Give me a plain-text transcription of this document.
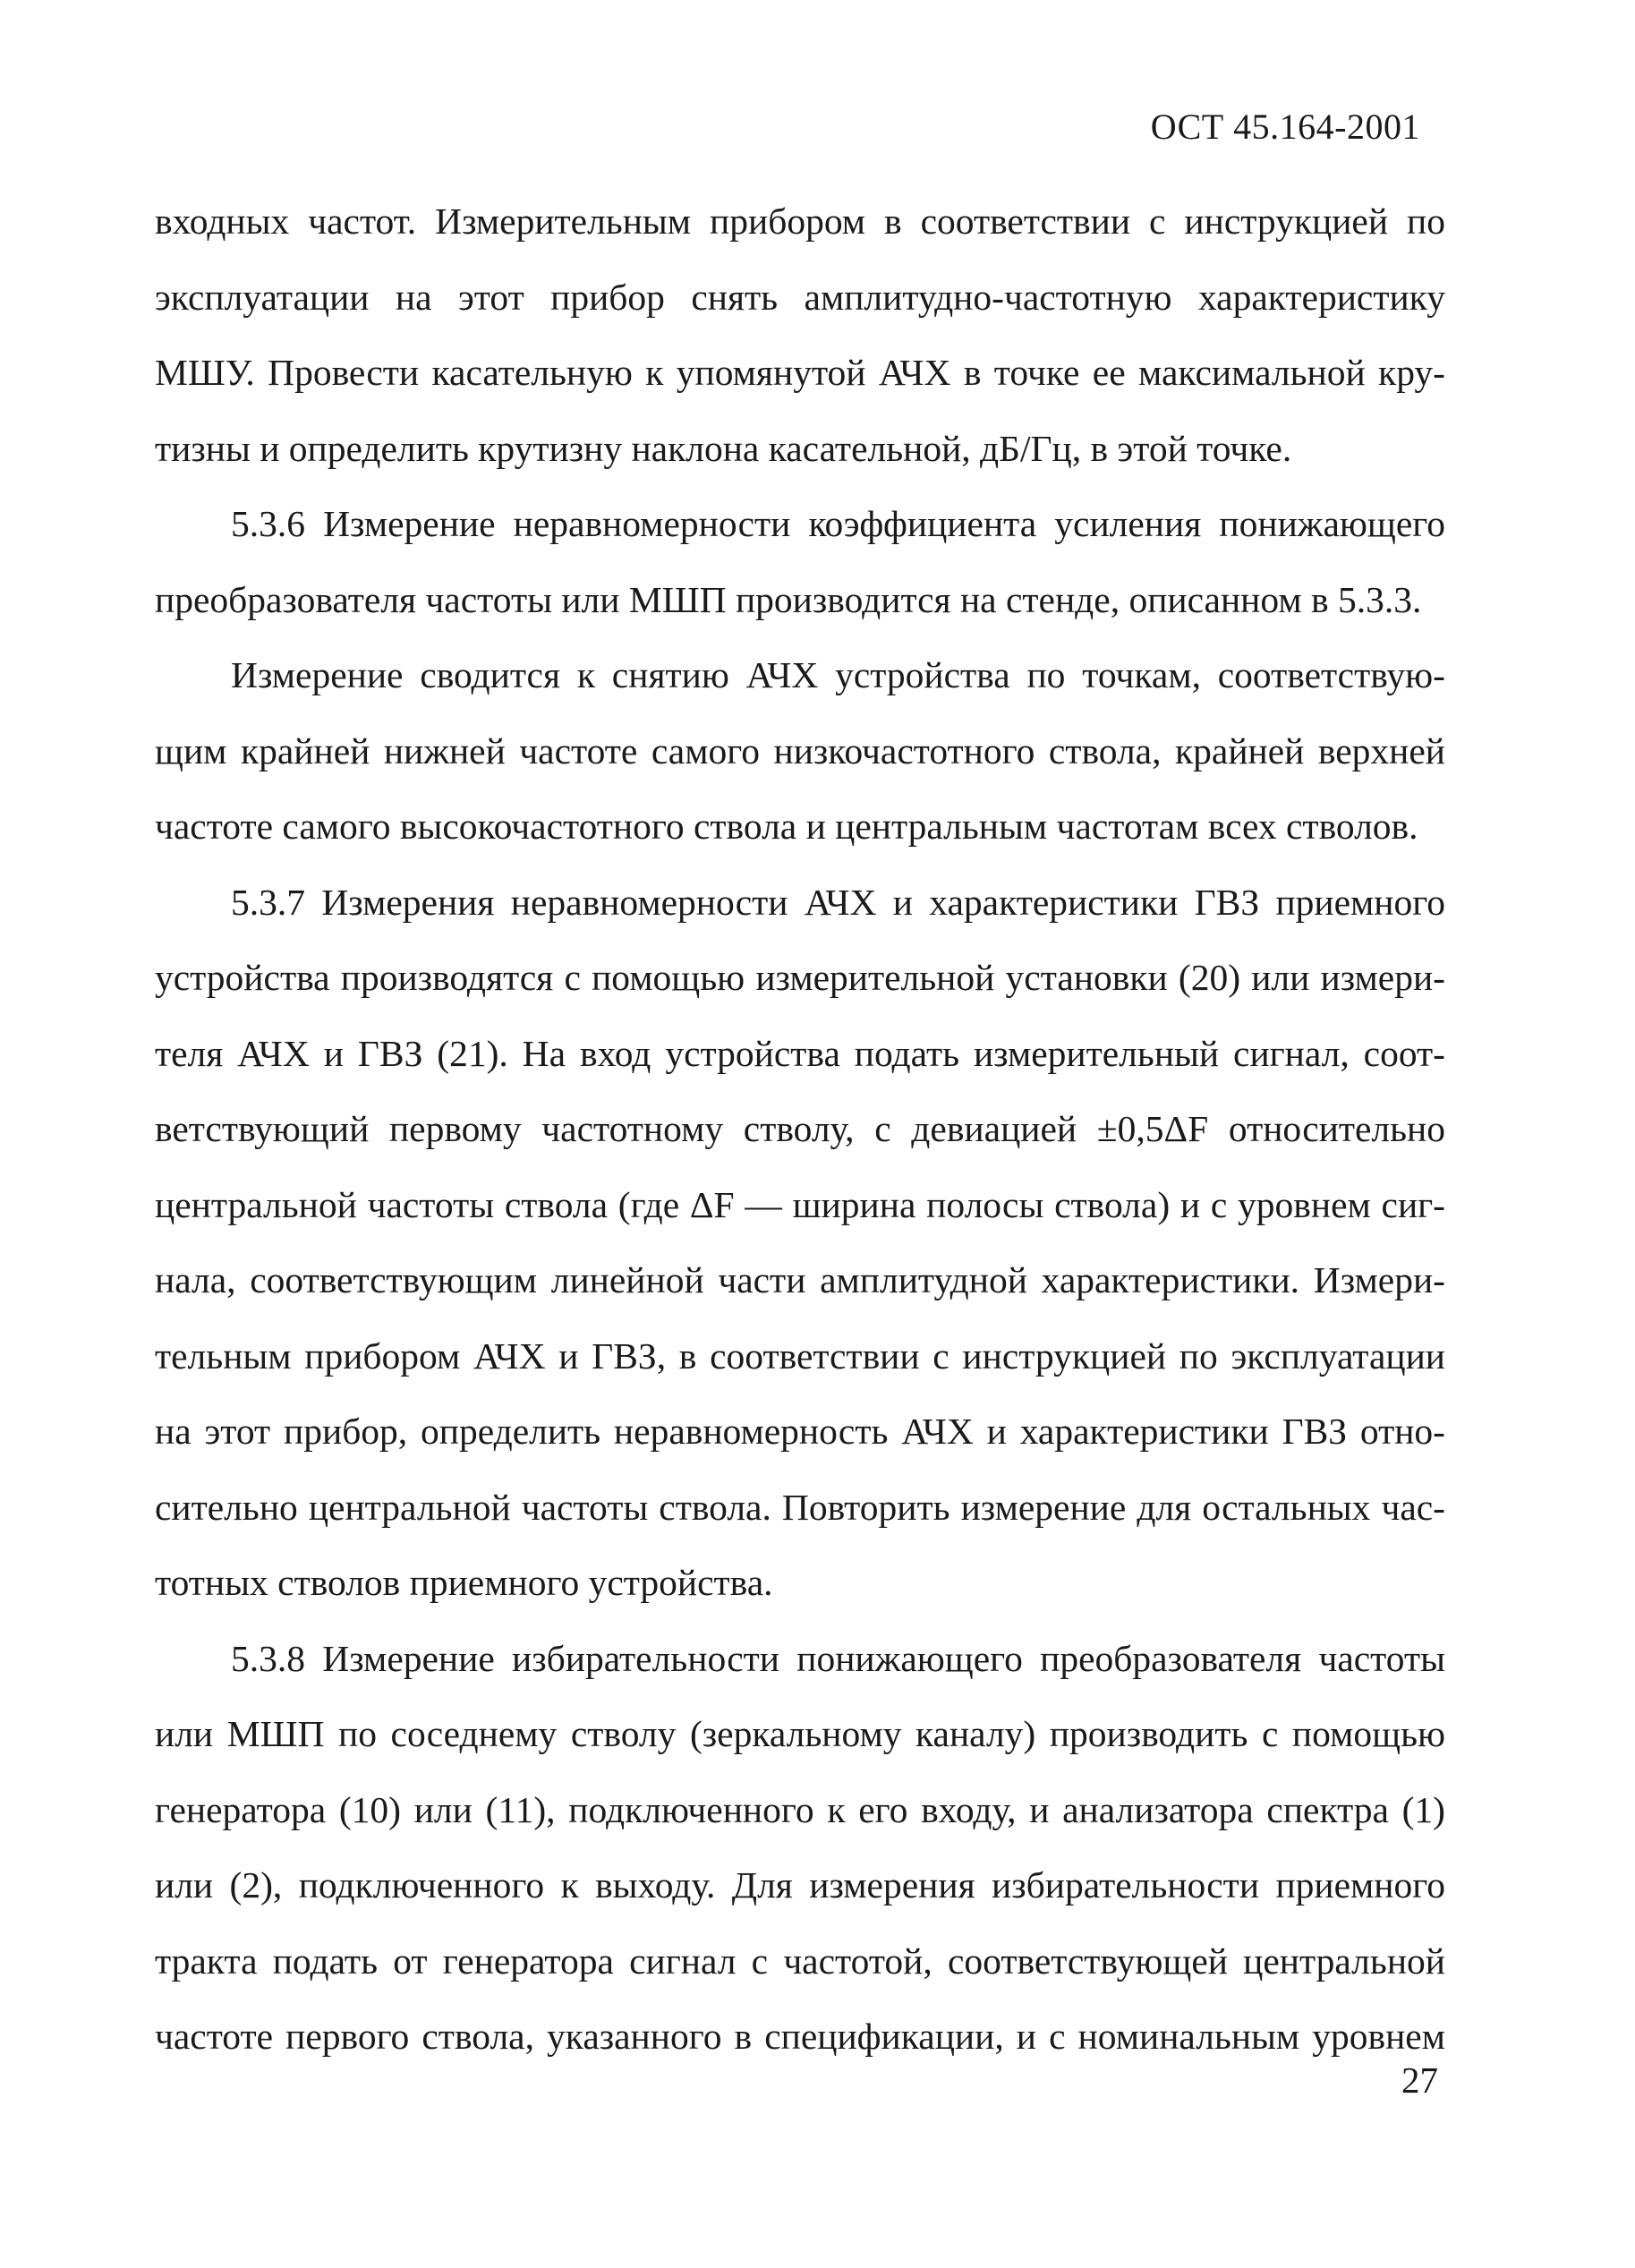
ОСТ 45.164-2001
входных частот. Измерительным прибором в соответствии с инструкцией по
эксплуатации на этот прибор снять амплитудно-частотную характеристику
МШУ. Провести касательную к упомянутой АЧХ в точке ее максимальной кру-
тизны и определить крутизну наклона касательной, дБ/Гц, в этой точке.
5.3.6 Измерение неравномерности коэффициента усиления понижающего
преобразователя частоты или МШП производится на стенде, описанном в 5.3.3.
Измерение сводится к снятию АЧХ устройства по точкам, соответствую-
щим крайней нижней частоте самого низкочастотного ствола, крайней верхней
частоте самого высокочастотного ствола и центральным частотам всех стволов.
5.3.7 Измерения неравномерности АЧХ и характеристики ГВЗ приемного
устройства производятся с помощью измерительной установки (20) или измери-
теля АЧХ и ГВЗ (21). На вход устройства подать измерительный сигнал, соот-
ветствующий первому частотному стволу, с девиацией ±0,5ΔF относительно
центральной частоты ствола (где ΔF — ширина полосы ствола) и с уровнем сиг-
нала, соответствующим линейной части амплитудной характеристики. Измери-
тельным прибором АЧХ и ГВЗ, в соответствии с инструкцией по эксплуатации
на этот прибор, определить неравномерность АЧХ и характеристики ГВЗ отно-
сительно центральной частоты ствола. Повторить измерение для остальных час-
тотных стволов приемного устройства.
5.3.8 Измерение избирательности понижающего преобразователя частоты
или МШП по соседнему стволу (зеркальному каналу) производить с помощью
генератора (10) или (11), подключенного к его входу, и анализатора спектра (1)
или (2), подключенного к выходу. Для измерения избирательности приемного
тракта подать от генератора сигнал с частотой, соответствующей центральной
частоте первого ствола, указанного в спецификации, и с номинальным уровнем
27
